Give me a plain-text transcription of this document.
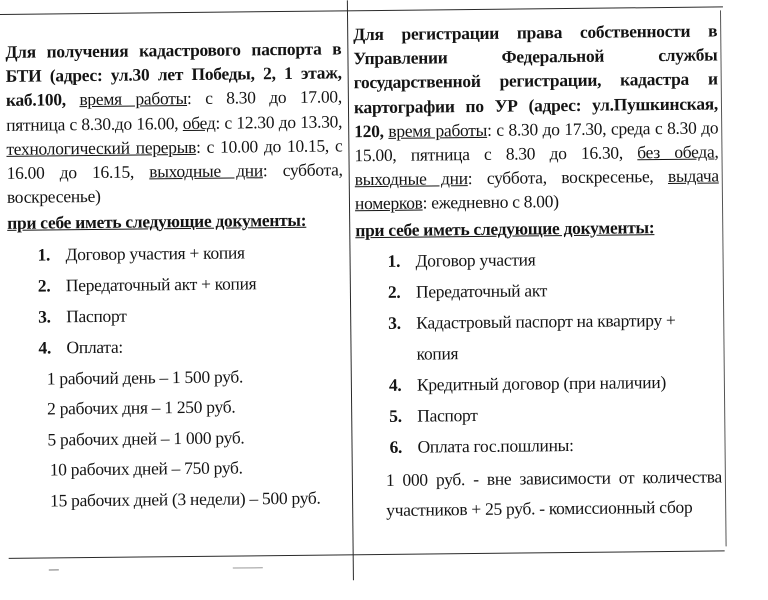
Для получения кадастрового паспорта в БТИ (адрес: ул.30 лет Победы, 2, 1 этаж, каб.100, время работы: с 8.30 до 17.00, пятница с 8.30.до 16.00, обед: с 12.30 до 13.30, технологический перерыв: с 10.00 до 10.15, с 16.00 до 16.15, выходные дни: суббота, воскресенье)

при себе иметь следующие документы:
1. Договор участия + копия
2. Передаточный акт + копия
3. Паспорт
4. Оплата:
1 рабочий день – 1 500 руб.
2 рабочих дня – 1 250 руб.
5 рабочих дней – 1 000 руб.
10 рабочих дней – 750 руб.
15 рабочих дней (3 недели) – 500 руб.

Для регистрации права собственности в Управлении Федеральной службы государственной регистрации, кадастра и картографии по УР (адрес: ул.Пушкинская, 120, время работы: с 8.30 до 17.30, среда с 8.30 до 15.00, пятница с 8.30 до 16.30, без обеда, выходные дни: суббота, воскресенье, выдача номерков: ежедневно с 8.00)

при себе иметь следующие документы:
1. Договор участия
2. Передаточный акт
3. Кадастровый паспорт на квартиру + копия
4. Кредитный договор (при наличии)
5. Паспорт
6. Оплата гос.пошлины:

1 000 руб. - вне зависимости от количества участников + 25 руб. - комиссионный сбор
